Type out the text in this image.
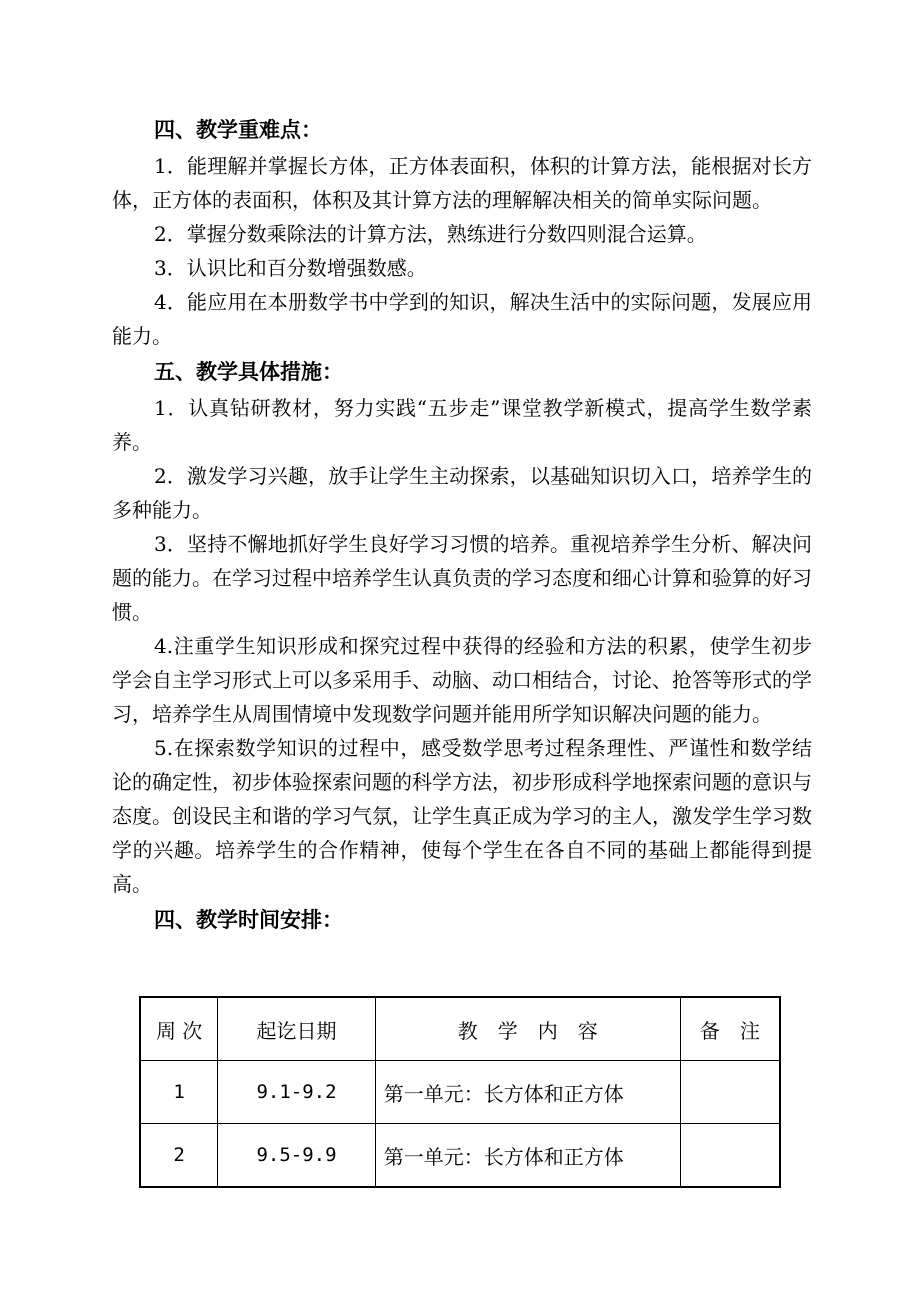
四、教学重难点：

1．能理解并掌握长方体，正方体表面积，体积的计算方法，能根据对长方体，正方体的表面积，体积及其计算方法的理解解决相关的简单实际问题。

2．掌握分数乘除法的计算方法，熟练进行分数四则混合运算。

3．认识比和百分数增强数感。

4．能应用在本册数学书中学到的知识，解决生活中的实际问题，发展应用能力。

五、教学具体措施：

1．认真钻研教材，努力实践“五步走”课堂教学新模式，提高学生数学素养。

2．激发学习兴趣，放手让学生主动探索，以基础知识切入口，培养学生的多种能力。

3．坚持不懈地抓好学生良好学习习惯的培养。重视培养学生分析、解决问题的能力。在学习过程中培养学生认真负责的学习态度和细心计算和验算的好习惯。

4.注重学生知识形成和探究过程中获得的经验和方法的积累，使学生初步学会自主学习形式上可以多采用手、动脑、动口相结合，讨论、抢答等形式的学习，培养学生从周围情境中发现数学问题并能用所学知识解决问题的能力。

5.在探索数学知识的过程中，感受数学思考过程条理性、严谨性和数学结论的确定性，初步体验探索问题的科学方法，初步形成科学地探索问题的意识与态度。创设民主和谐的学习气氛，让学生真正成为学习的主人，激发学生学习数学的兴趣。培养学生的合作精神，使每个学生在各自不同的基础上都能得到提高。

四、教学时间安排：

周 次	起讫日期	教　学　内　容	备　注
1	9.1-9.2	第一单元：长方体和正方体	
2	9.5-9.9	第一单元：长方体和正方体	
